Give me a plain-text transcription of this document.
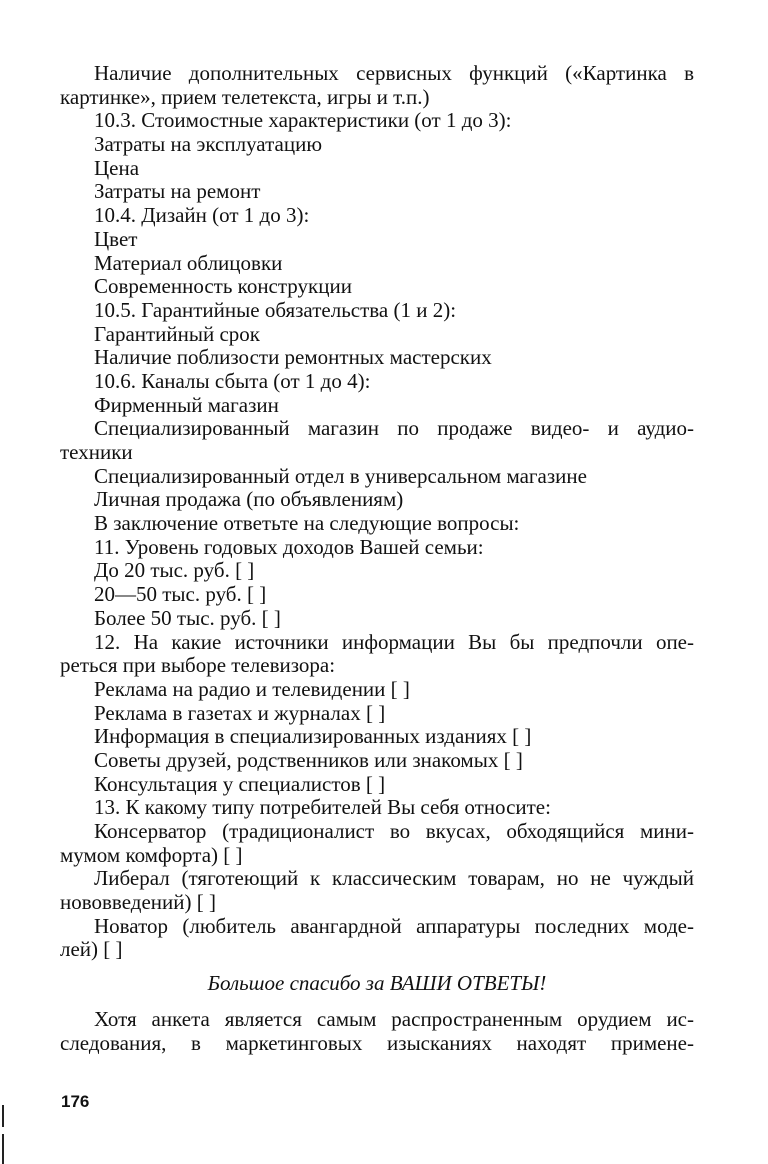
Наличие дополнительных сервисных функций («Картинка в
картинке», прием телетекста, игры и т.п.)
10.3. Стоимостные характеристики (от 1 до 3):
Затраты на эксплуатацию
Цена
Затраты на ремонт
10.4. Дизайн (от 1 до 3):
Цвет
Материал облицовки
Современность конструкции
10.5. Гарантийные обязательства (1 и 2):
Гарантийный срок
Наличие поблизости ремонтных мастерских
10.6. Каналы сбыта (от 1 до 4):
Фирменный магазин
Специализированный магазин по продаже видео- и аудио-
техники
Специализированный отдел в универсальном магазине
Личная продажа (по объявлениям)
В заключение ответьте на следующие вопросы:
11. Уровень годовых доходов Вашей семьи:
До 20 тыс. руб. [ ]
20—50 тыс. руб. [ ]
Более 50 тыс. руб. [ ]
12. На какие источники информации Вы бы предпочли опе-
реться при выборе телевизора:
Реклама на радио и телевидении [ ]
Реклама в газетах и журналах [ ]
Информация в специализированных изданиях [ ]
Советы друзей, родственников или знакомых [ ]
Консультация у специалистов [ ]
13. К какому типу потребителей Вы себя относите:
Консерватор (традиционалист во вкусах, обходящийся мини-
мумом комфорта) [ ]
Либерал (тяготеющий к классическим товарам, но не чуждый
нововведений) [ ]
Новатор (любитель авангардной аппаратуры последних моде-
лей) [ ]
Большое спасибо за ВАШИ ОТВЕТЫ!
Хотя анкета является самым распространенным орудием ис-
следования, в маркетинговых изысканиях находят примене-
176
